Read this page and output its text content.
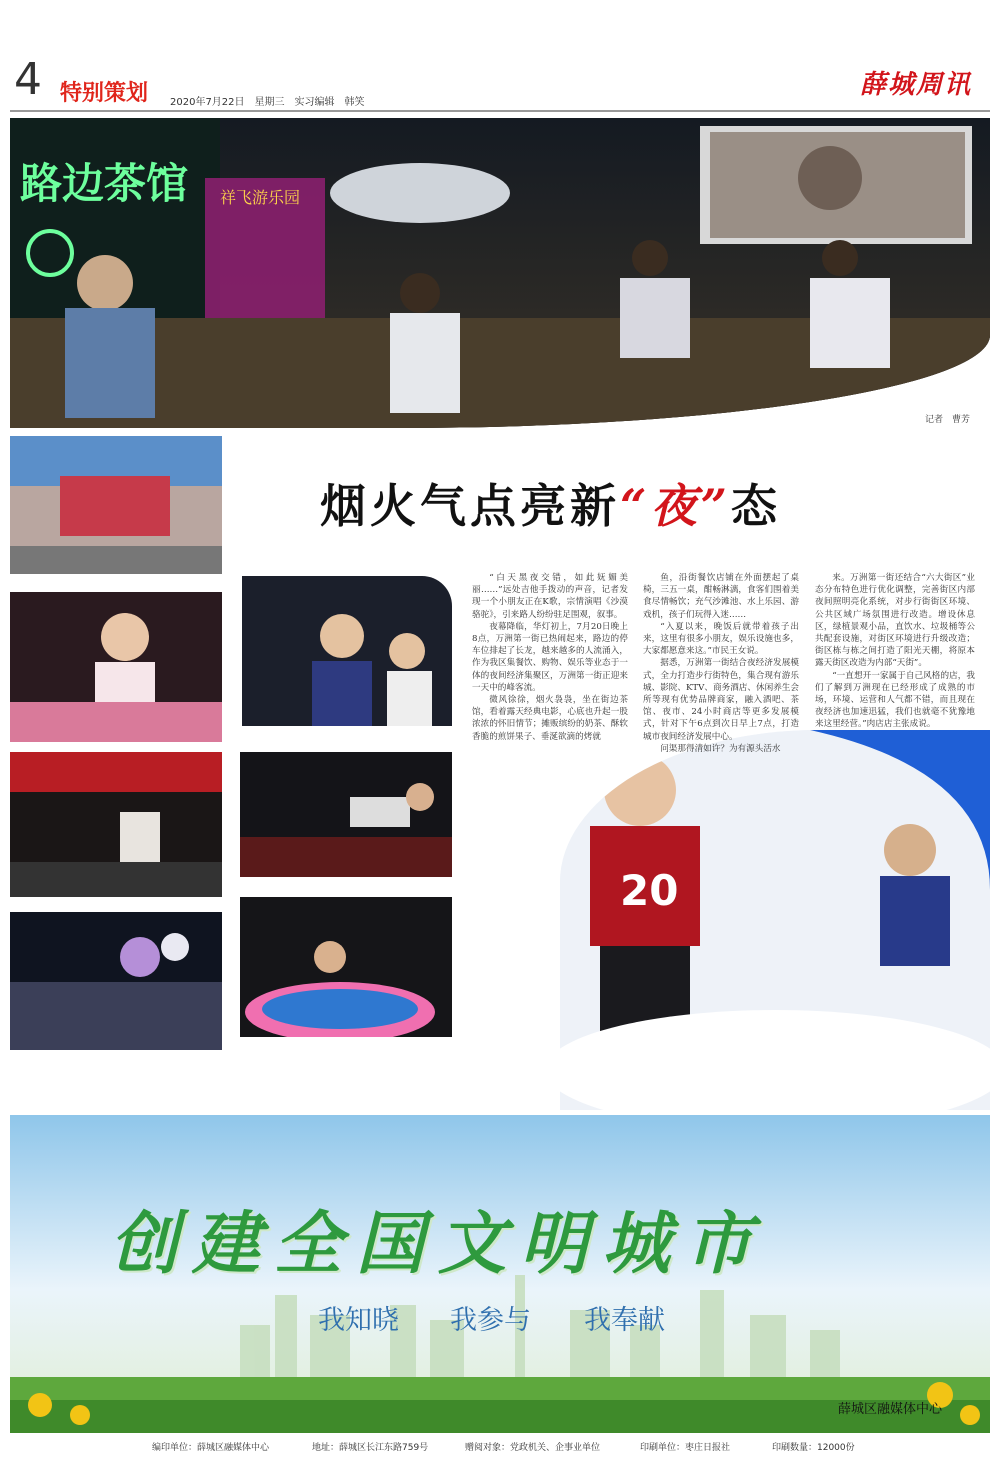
4 特别策划 2020年7月22日　星期三　实习编辑　韩笑
薛城周讯
路边茶馆 祥飞游乐园
记者　 曹芳
烟火气点亮新“夜”态
20

“白天黑夜交错，如此妩媚美丽……”远处吉他手拨动的声音，记者发现一个小朋友正在K歌，宗情演唱《沙漠骆驼》，引来路人纷纷驻足围观，叙事。

夜幕降临，华灯初上，7月20日晚上8点，万洲第一街已热闹起来，路边的停车位排起了长龙，越来越多的人流涌入，作为我区集餐饮、购物、娱乐等业态于一体的夜间经济集聚区，万洲第一街正迎来一天中的峰客流。

微风徐徐，烟火袅袅，坐在街边茶馆，看着露天经典电影，心底也升起一股浓浓的怀旧情节；摊贩缤纷的奶茶、酥软香脆的煎饼果子、垂涎欲滴的烤就

鱼，沿街餐饮店铺在外面摆起了桌椅，三五一桌，酣畅淋漓，食客们围着美食尽情畅饮；充气沙滩池、水上乐园、游戏机，孩子们玩得入迷……

“入夏以来，晚饭后就带着孩子出来，这里有很多小朋友，娱乐设施也多，大家都愿意来这。”市民王女说。

据悉，万洲第一街结合夜经济发展模式，全力打造步行街特色，集合现有游乐城、影院、KTV、商务酒店、休闲养生会所等现有优势品牌商家，融入酒吧、茶馆、夜市、24小时商店等更多发展模式，针对下午6点到次日早上7点，打造城市夜间经济发展中心。

问渠那得清如许？为有源头活水

来。万洲第一街还结合“六大街区”业态分布特色进行优化调整，完善街区内部夜间照明亮化系统，对步行街街区环境、公共区域广场氛围进行改造。增设休息区，绿植景观小品，直饮水、垃圾桶等公共配套设施，对街区环境进行升级改造；街区栋与栋之间打造了阳光天棚，将原本露天街区改造为内部“天街”。

“一直想开一家属于自己风格的店，我们了解到万洲现在已经形成了成熟的市场，环境、运营和人气都不错，而且现在夜经济也加速迅猛，我们也就毫不犹豫地来这里经营。”肉店店主张成说。

创建全国文明城市
我知晓 我参与 我奉献
薛城区融媒体中心
编印单位：薛城区融媒体中心	地址：薛城区长江东路759号	赠阅对象：党政机关、企事业单位	印刷单位：枣庄日报社	印刷数量：12000份
